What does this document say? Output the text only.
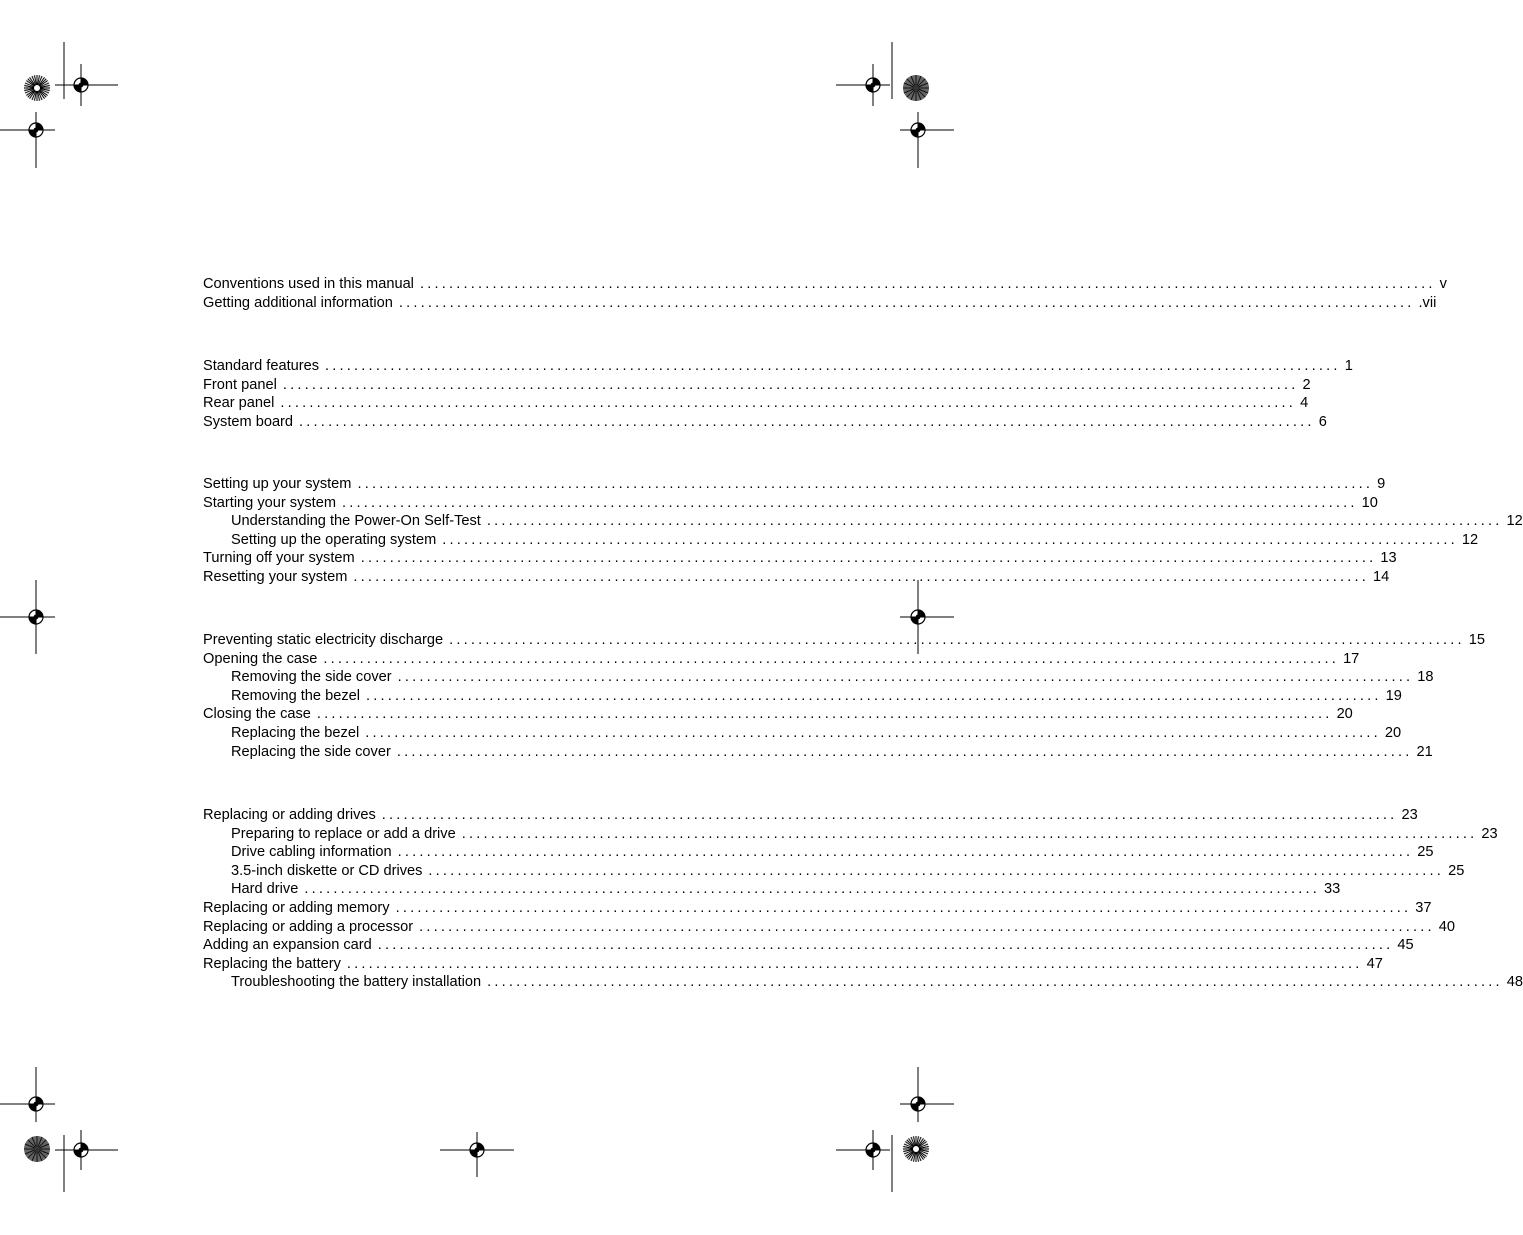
Conventions used in this manual ............................................................................................................................................ v
Getting additional information ............................................................................................................................................ .vii
Standard features ............................................................................................................................................ 1
Front panel ............................................................................................................................................ 2
Rear panel ............................................................................................................................................ 4
System board ............................................................................................................................................ 6
Setting up your system ............................................................................................................................................ 9
Starting your system ............................................................................................................................................ 10
Understanding the Power-On Self-Test ............................................................................................................................................ 12
Setting up the operating system ............................................................................................................................................ 12
Turning off your system ............................................................................................................................................ 13
Resetting your system ............................................................................................................................................ 14
Preventing static electricity discharge ............................................................................................................................................ 15
Opening the case ............................................................................................................................................ 17
Removing the side cover ............................................................................................................................................ 18
Removing the bezel ............................................................................................................................................ 19
Closing the case ............................................................................................................................................ 20
Replacing the bezel ............................................................................................................................................ 20
Replacing the side cover ............................................................................................................................................ 21
Replacing or adding drives ............................................................................................................................................ 23
Preparing to replace or add a drive ............................................................................................................................................ 23
Drive cabling information ............................................................................................................................................ 25
3.5-inch diskette or CD drives ............................................................................................................................................ 25
Hard drive ............................................................................................................................................ 33
Replacing or adding memory ............................................................................................................................................ 37
Replacing or adding a processor ............................................................................................................................................ 40
Adding an expansion card ............................................................................................................................................ 45
Replacing the battery ............................................................................................................................................ 47
Troubleshooting the battery installation ............................................................................................................................................ 48
